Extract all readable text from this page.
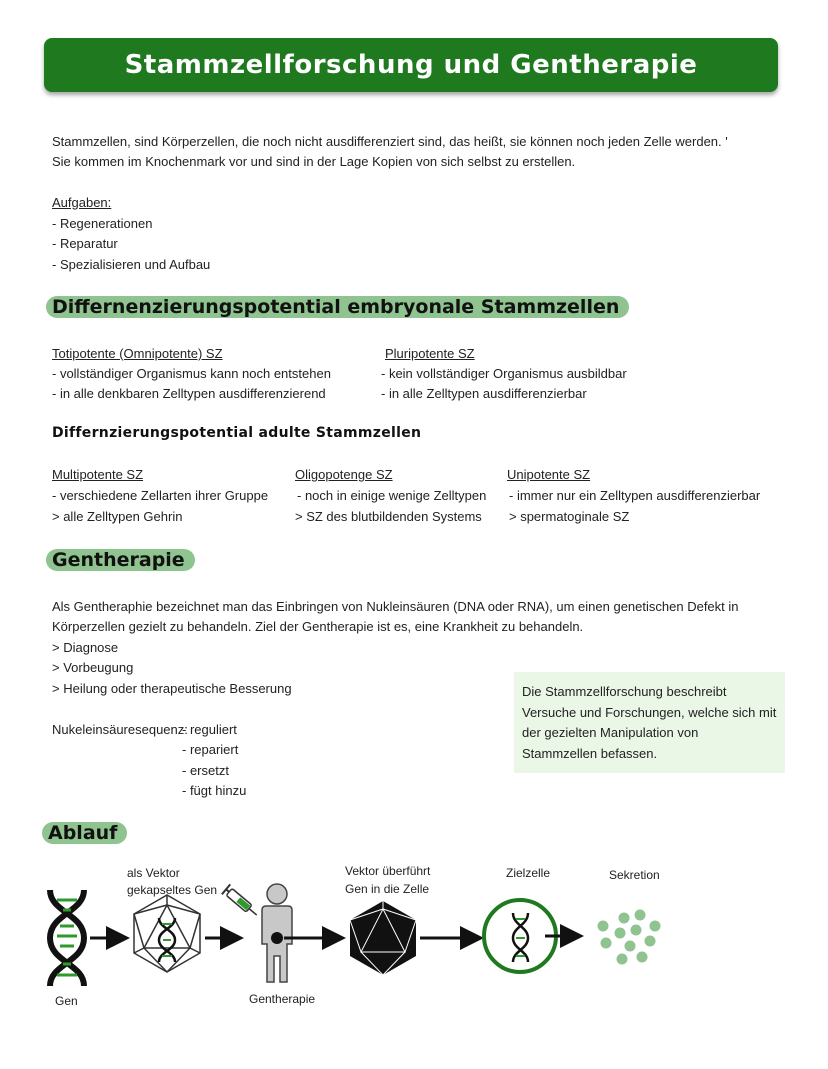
Stammzellforschung und Gentherapie
Stammzellen, sind Körperzellen, die noch nicht ausdifferenziert sind, das heißt, sie können noch jeden Zelle werden. '
Sie kommen im Knochenmark vor und sind in der Lage Kopien von sich selbst zu erstellen.
Aufgaben:
- Regenerationen
- Reparatur
- Spezialisieren und Aufbau
Differnenzierungspotential embryonale Stammzellen
Totipotente (Omnipotente) SZ
- vollständiger Organismus kann noch entstehen
- in alle denkbaren Zelltypen ausdifferenzierend
Pluripotente SZ
- kein vollständiger Organismus ausbildbar
- in alle Zelltypen ausdifferenzierbar
Differnzierungspotential adulte Stammzellen
Multipotente SZ
- verschiedene Zellarten ihrer Gruppe
> alle Zelltypen Gehrin
Oligopotenge SZ
- noch in einige wenige Zelltypen
> SZ des blutbildenden Systems
Unipotente SZ
- immer nur ein Zelltypen ausdifferenzierbar
> spermatoginale SZ
Gentherapie
Als Gentheraphie bezeichnet man das Einbringen von Nukleinsäuren (DNA oder RNA), um einen genetischen Defekt in
Körperzellen gezielt zu behandeln. Ziel der Gentherapie ist es, eine Krankheit zu behandeln.
> Diagnose
> Vorbeugung
> Heilung oder therapeutische Besserung
Nukeleinsäuresequenz:
- reguliert
- repariert
- ersetzt
- fügt hinzu
Die Stammzellforschung beschreibt Versuche und Forschungen, welche sich mit der gezielten Manipulation von Stammzellen befassen.
Ablauf
als Vektor
gekapseltes Gen
Vektor überführt
Gen in die Zelle
Zielzelle	Sekretion
Gen	Gentherapie
